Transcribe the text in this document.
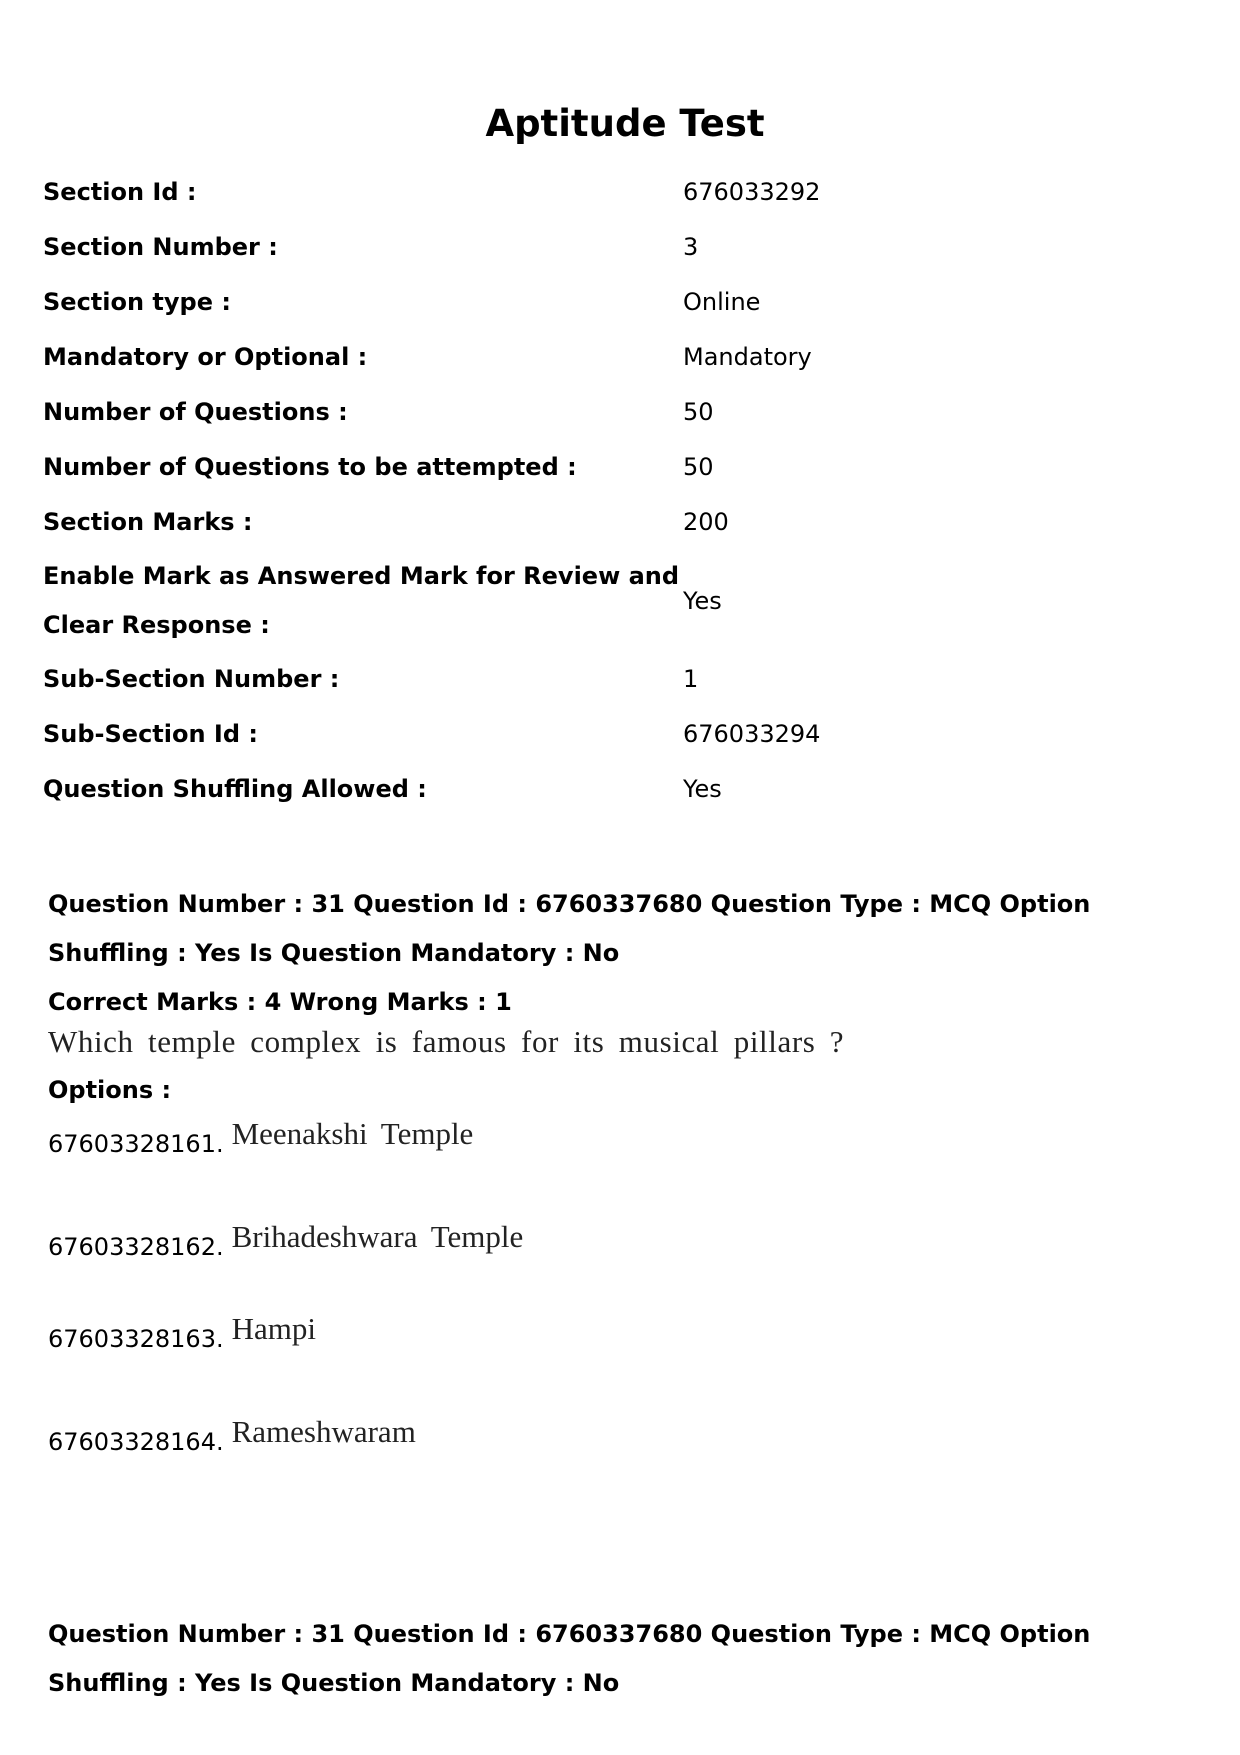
Aptitude Test
Section Id :	676033292
Section Number :	3
Section type :	Online
Mandatory or Optional :	Mandatory
Number of Questions :	50
Number of Questions to be attempted :	50
Section Marks :	200
Enable Mark as Answered Mark for Review and Clear Response :
Yes
Sub-Section Number :	1
Sub-Section Id :	676033294
Question Shuffling Allowed :	Yes
Question Number : 31 Question Id : 6760337680 Question Type : MCQ Option Shuffling : Yes Is Question Mandatory : No
Correct Marks : 4 Wrong Marks : 1
Which temple complex is famous for its musical pillars ?
Options :
67603328161. Meenakshi Temple
67603328162. Brihadeshwara Temple
67603328163. Hampi
67603328164. Rameshwaram
Question Number : 31 Question Id : 6760337680 Question Type : MCQ Option Shuffling : Yes Is Question Mandatory : No
